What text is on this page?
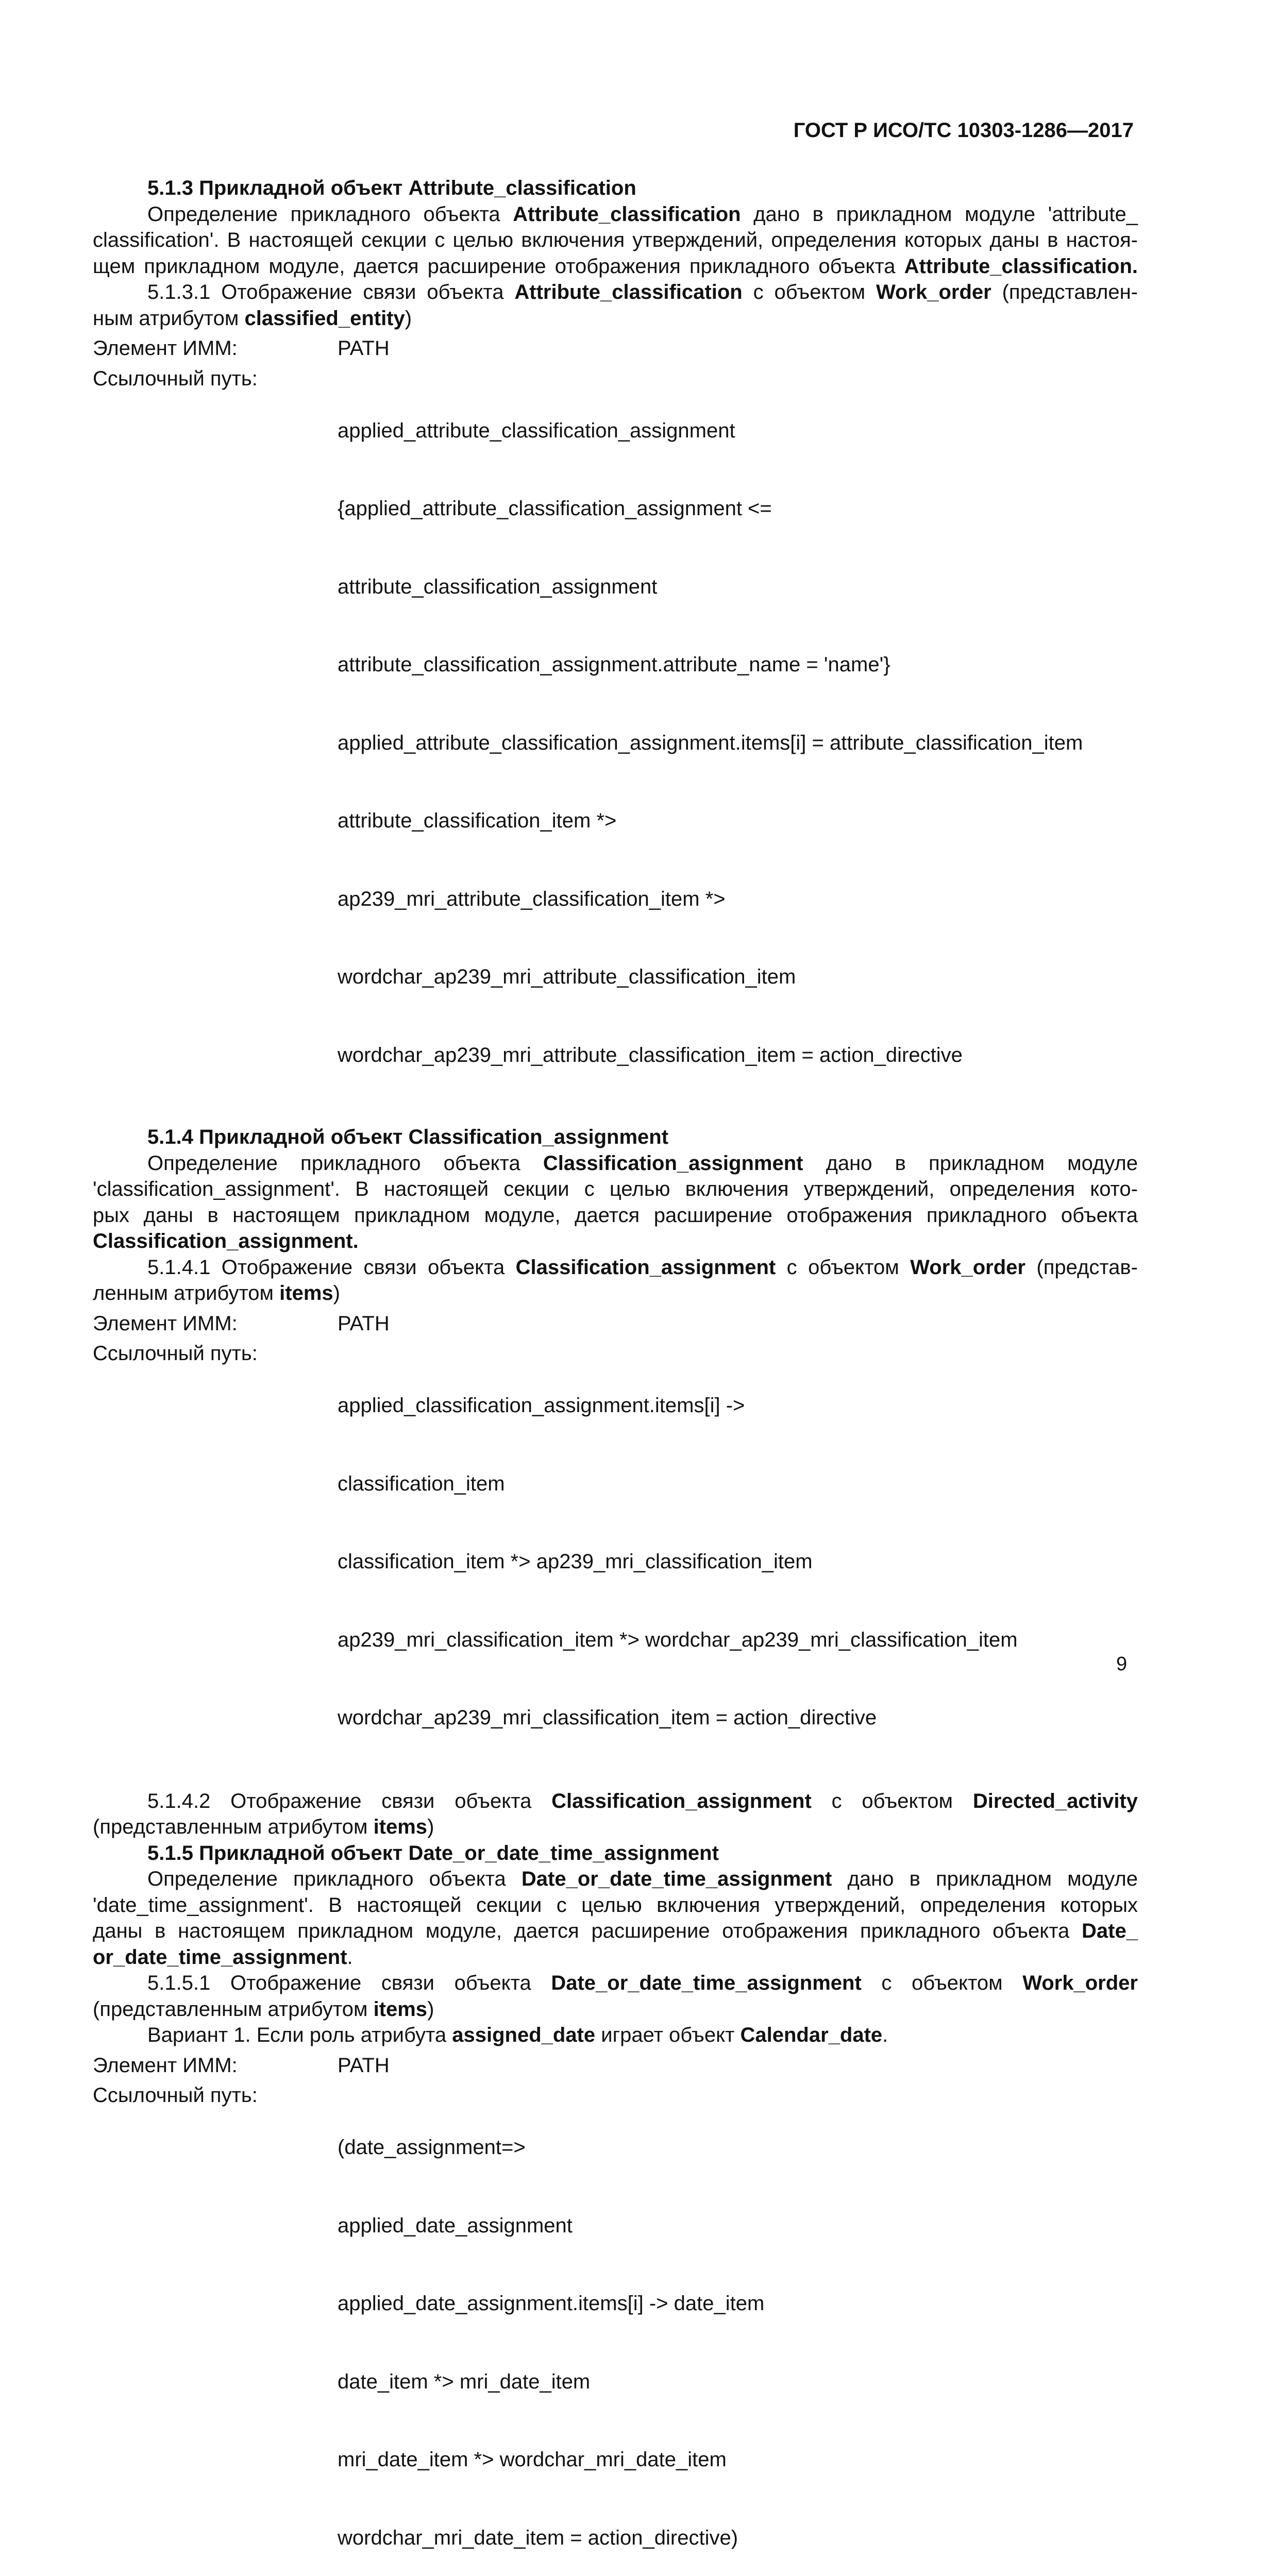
ГОСТ Р ИСО/ТС 10303-1286—2017
5.1.3 Прикладной объект Attribute_classification
Определение прикладного объекта Attribute_classification дано в прикладном модуле 'attribute_
classification'. В настоящей секции с целью включения утверждений, определения которых даны в настоя-
щем прикладном модуле, дается расширение отображения прикладного объекта Attribute_classification.
5.1.3.1 Отображение связи объекта Attribute_classification с объектом Work_order (представлен-
ным атрибутом classified_entity)
Элемент ИММ:	PATH
Ссылочный путь:

applied_attribute_classification_assignment

{applied_attribute_classification_assignment <=

attribute_classification_assignment

attribute_classification_assignment.attribute_name = 'name'}

applied_attribute_classification_assignment.items[i] = attribute_classification_item

attribute_classification_item *>

ap239_mri_attribute_classification_item *>

wordchar_ap239_mri_attribute_classification_item

wordchar_ap239_mri_attribute_classification_item = action_directive

5.1.4 Прикладной объект Classification_assignment
Определение прикладного объекта Classification_assignment дано в прикладном модуле
'classification_assignment'. В настоящей секции с целью включения утверждений, определения кото-
рых даны в настоящем прикладном модуле, дается расширение отображения прикладного объекта
Classification_assignment.
5.1.4.1 Отображение связи объекта Classification_assignment с объектом Work_order (представ-
ленным атрибутом items)
Элемент ИММ:	PATH
Ссылочный путь:

applied_classification_assignment.items[i] ->

classification_item

classification_item *> ap239_mri_classification_item

ap239_mri_classification_item *> wordchar_ap239_mri_classification_item

wordchar_ap239_mri_classification_item = action_directive

5.1.4.2 Отображение связи объекта Classification_assignment с объектом Directed_activity
(представленным атрибутом items)
5.1.5 Прикладной объект Date_or_date_time_assignment
Определение прикладного объекта Date_or_date_time_assignment дано в прикладном модуле
'date_time_assignment'. В настоящей секции с целью включения утверждений, определения которых
даны в настоящем прикладном модуле, дается расширение отображения прикладного объекта Date_
or_date_time_assignment.
5.1.5.1 Отображение связи объекта Date_or_date_time_assignment с объектом Work_order
(представленным атрибутом items)
Вариант 1. Если роль атрибута assigned_date играет объект Calendar_date.
Элемент ИММ:	PATH
Ссылочный путь:

(date_assignment=>

applied_date_assignment

applied_date_assignment.items[i] -> date_item

date_item *> mri_date_item

mri_date_item *> wordchar_mri_date_item

wordchar_mri_date_item = action_directive)

9
